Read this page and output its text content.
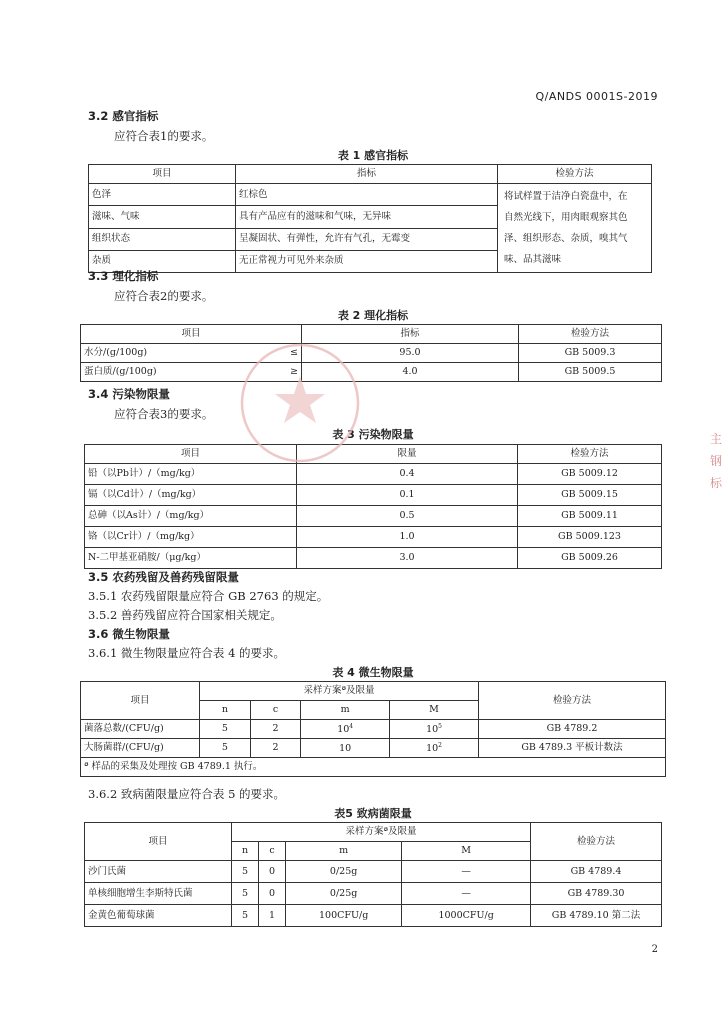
Q/ANDS 0001S-2019
3.2 感官指标
应符合表1的要求。
表 1 感官指标
项目	指标	检验方法
色泽	红棕色	将试样置于洁净白瓷盘中，在
自然光线下，用肉眼观察其色
泽、组织形态、杂质，嗅其气
味、品其滋味

滋味、气味	具有产品应有的滋味和气味，无异味	
组织状态	呈凝固状、有弹性，允许有气孔，无霉变	
杂质	无正常视力可见外来杂质	
3.3 理化指标
应符合表2的要求。
表 2 理化指标
项目	指标	检验方法
水分/(g/100g) ≤	95.0	GB 5009.3
蛋白质/(g/100g) ≥	4.0	GB 5009.5
3.4 污染物限量
应符合表3的要求。
表 3 污染物限量
项目	限量	检验方法
铅（以Pb计）/（mg/kg）	0.4	GB 5009.12
镉（以Cd计）/（mg/kg）	0.1	GB 5009.15
总砷（以As计）/（mg/kg）	0.5	GB 5009.11
铬（以Cr计）/（mg/kg）	1.0	GB 5009.123
N-二甲基亚硝胺/（μg/kg）	3.0	GB 5009.26
3.5 农药残留及兽药残留限量
3.5.1 农药残留限量应符合 GB 2763 的规定。
3.5.2 兽药残留应符合国家相关规定。
3.6 微生物限量
3.6.1 微生物限量应符合表 4 的要求。
表 4 微生物限量
项目	采样方案ª及限量				检验方法
	n	c	m	M	
菌落总数/(CFU/g)	5	2	$10^4$	$10^5$	GB 4789.2
大肠菌群/(CFU/g)	5	2	10	$10^2$	GB 4789.3 平板计数法
ª 样品的采集及处理按 GB 4789.1 执行。					
3.6.2 致病菌限量应符合表 5 的要求。
表5 致病菌限量
项目	采样方案ª及限量				检验方法
	n	c	m	M	
沙门氏菌	5	0	0/25g	—	GB 4789.4
单核细胞增生李斯特氏菌	5	0	0/25g	—	GB 4789.30
金黄色葡萄球菌	5	1	100CFU/g	1000CFU/g	GB 4789.10 第二法
2
主钢标
